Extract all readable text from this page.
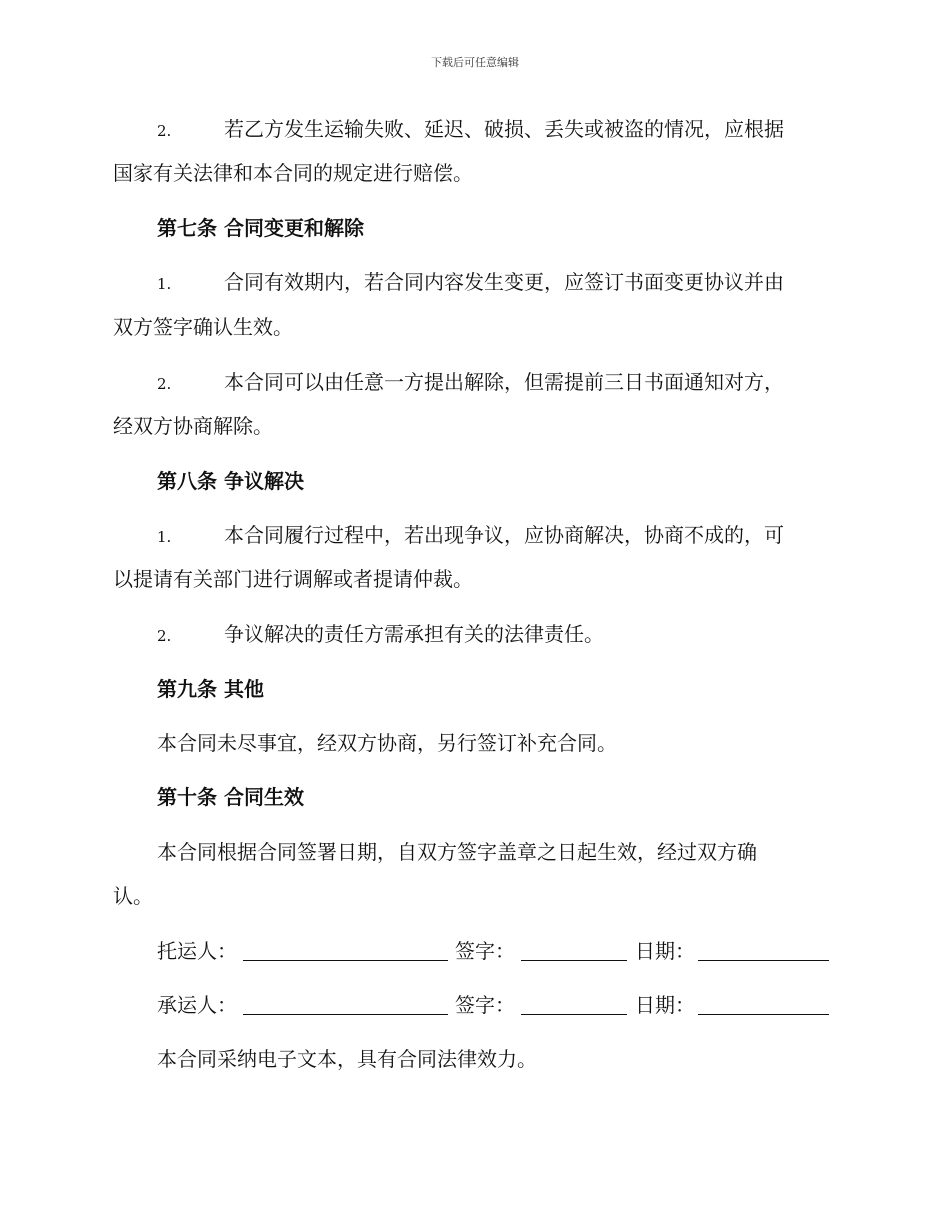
下载后可任意编辑
2.	若乙方发生运输失败、延迟、破损、丢失或被盗的情况，应根据
国家有关法律和本合同的规定进行赔偿。
第七条 合同变更和解除
1.	合同有效期内，若合同内容发生变更，应签订书面变更协议并由
双方签字确认生效。
2.	本合同可以由任意一方提出解除，但需提前三日书面通知对方，
经双方协商解除。
第八条 争议解决
1.	本合同履行过程中，若出现争议，应协商解决，协商不成的，可
以提请有关部门进行调解或者提请仲裁。
2.	争议解决的责任方需承担有关的法律责任。
第九条 其他
本合同未尽事宜，经双方协商，另行签订补充合同。
第十条 合同生效
本合同根据合同签署日期，自双方签字盖章之日起生效，经过双方确
认。
托运人：	签字：	日期：
承运人：	签字：	日期：
本合同采纳电子文本，具有合同法律效力。
